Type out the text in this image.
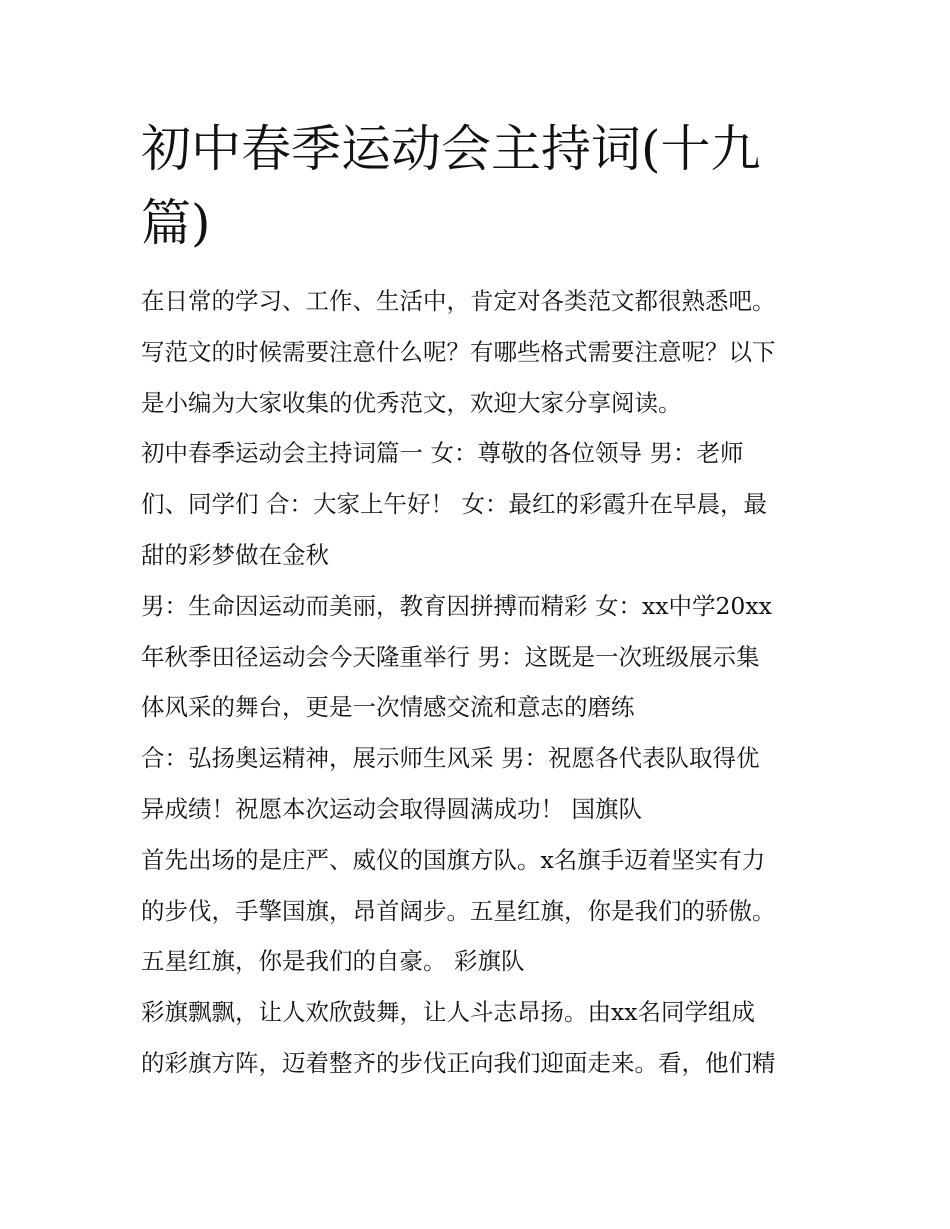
初中春季运动会主持词(十九
篇)
在日常的学习、工作、生活中，肯定对各类范文都很熟悉吧。
写范文的时候需要注意什么呢？有哪些格式需要注意呢？以下
是小编为大家收集的优秀范文，欢迎大家分享阅读。
初中春季运动会主持词篇一 女：尊敬的各位领导 男：老师
们、同学们 合：大家上午好！ 女：最红的彩霞升在早晨，最
甜的彩梦做在金秋
男：生命因运动而美丽，教育因拼搏而精彩 女：xx中学20xx
年秋季田径运动会今天隆重举行 男：这既是一次班级展示集
体风采的舞台，更是一次情感交流和意志的磨练
合：弘扬奥运精神，展示师生风采 男：祝愿各代表队取得优
异成绩！祝愿本次运动会取得圆满成功！ 国旗队
首先出场的是庄严、威仪的国旗方队。x名旗手迈着坚实有力
的步伐，手擎国旗，昂首阔步。五星红旗，你是我们的骄傲。
五星红旗，你是我们的自豪。 彩旗队
彩旗飘飘，让人欢欣鼓舞，让人斗志昂扬。由xx名同学组成
的彩旗方阵，迈着整齐的步伐正向我们迎面走来。看，他们精
